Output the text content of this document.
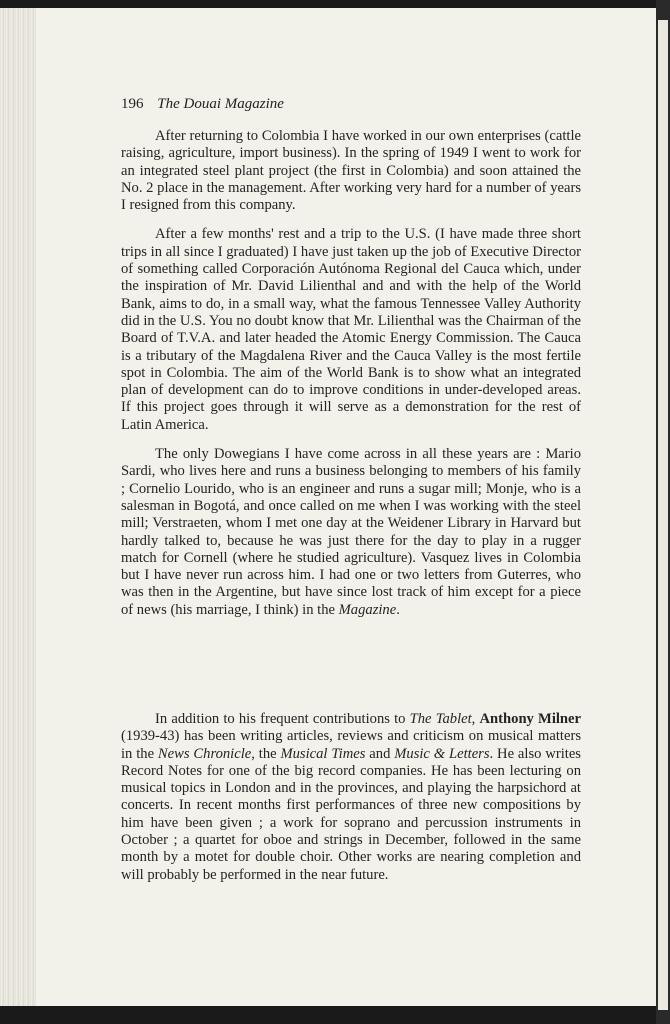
196 The Douai Magazine

After returning to Colombia I have worked in our own enterprises (cattle raising, agriculture, import business). In the spring of 1949 I went to work for an integrated steel plant project (the first in Colombia) and soon attained the No. 2 place in the management. After working very hard for a number of years I resigned from this company.

After a few months' rest and a trip to the U.S. (I have made three short trips in all since I graduated) I have just taken up the job of Executive Director of something called Corporación Autónoma Regional del Cauca which, under the inspiration of Mr. David Lilienthal and and with the help of the World Bank, aims to do, in a small way, what the famous Tennessee Valley Authority did in the U.S. You no doubt know that Mr. Lilienthal was the Chairman of the Board of T.V.A. and later headed the Atomic Energy Commission. The Cauca is a tributary of the Magdalena River and the Cauca Valley is the most fertile spot in Colombia. The aim of the World Bank is to show what an integrated plan of development can do to improve conditions in under-developed areas. If this project goes through it will serve as a demonstration for the rest of Latin America.

The only Dowegians I have come across in all these years are : Mario Sardi, who lives here and runs a business belonging to members of his family ; Cornelio Lourido, who is an engineer and runs a sugar mill; Monje, who is a salesman in Bogotá, and once called on me when I was working with the steel mill; Verstraeten, whom I met one day at the Weidener Library in Harvard but hardly talked to, because he was just there for the day to play in a rugger match for Cornell (where he studied agriculture). Vasquez lives in Colombia but I have never run across him. I had one or two letters from Guterres, who was then in the Argentine, but have since lost track of him except for a piece of news (his marriage, I think) in the Magazine.

In addition to his frequent contributions to The Tablet, Anthony Milner (1939-43) has been writing articles, reviews and criticism on musical matters in the News Chronicle, the Musical Times and Music & Letters. He also writes Record Notes for one of the big record companies. He has been lecturing on musical topics in London and in the provinces, and playing the harpsichord at concerts. In recent months first performances of three new compositions by him have been given ; a work for soprano and percussion instruments in October ; a quartet for oboe and strings in December, followed in the same month by a motet for double choir. Other works are nearing completion and will probably be performed in the near future.
